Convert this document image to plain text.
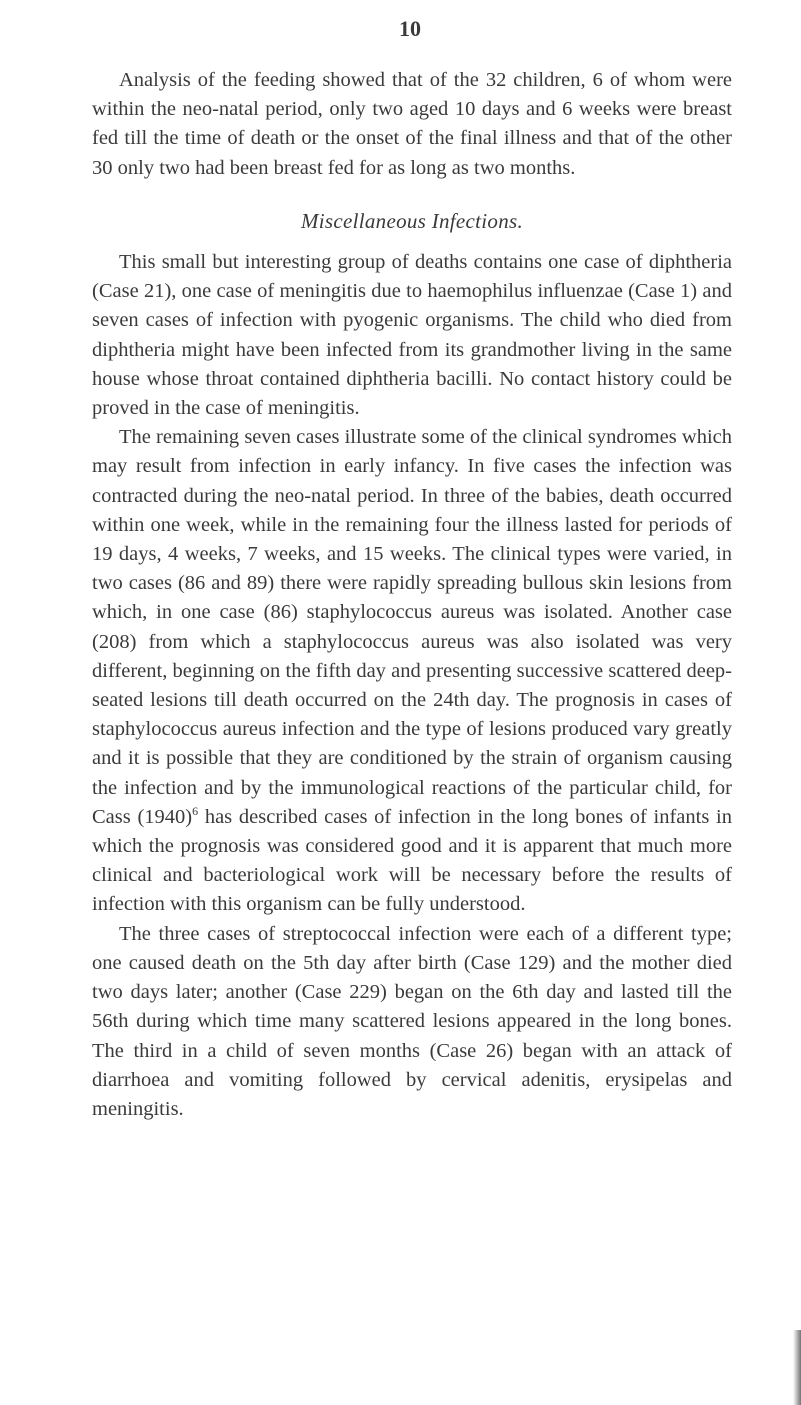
10

Analysis of the feeding showed that of the 32 children, 6 of whom were within the neo-natal period, only two aged 10 days and 6 weeks were breast fed till the time of death or the onset of the final illness and that of the other 30 only two had been breast fed for as long as two months.

Miscellaneous Infections.

This small but interesting group of deaths contains one case of diphtheria (Case 21), one case of meningitis due to haemophilus influenzae (Case 1) and seven cases of infection with pyogenic organisms. The child who died from diphtheria might have been infected from its grandmother living in the same house whose throat contained diphtheria bacilli. No contact history could be proved in the case of meningitis.

The remaining seven cases illustrate some of the clinical syndromes which may result from infection in early infancy. In five cases the infection was contracted during the neo-natal period. In three of the babies, death occurred within one week, while in the remaining four the illness lasted for periods of 19 days, 4 weeks, 7 weeks, and 15 weeks. The clinical types were varied, in two cases (86 and 89) there were rapidly spreading bullous skin lesions from which, in one case (86) staphylococcus aureus was isolated. Another case (208) from which a staphylococcus aureus was also isolated was very different, beginning on the fifth day and presenting successive scattered deep-seated lesions till death occurred on the 24th day. The prognosis in cases of staphylococcus aureus infection and the type of lesions produced vary greatly and it is possible that they are conditioned by the strain of organism causing the infection and by the immunological reactions of the particular child, for Cass $(1940)^6$ has described cases of infection in the long bones of infants in which the prognosis was considered good and it is apparent that much more clinical and bacteriological work will be necessary before the results of infection with this organism can be fully understood.

The three cases of streptococcal infection were each of a different type; one caused death on the 5th day after birth (Case 129) and the mother died two days later; another (Case 229) began on the 6th day and lasted till the 56th during which time many scattered lesions appeared in the long bones. The third in a child of seven months (Case 26) began with an attack of diarrhoea and vomiting followed by cervical adenitis, erysipelas and meningitis.
